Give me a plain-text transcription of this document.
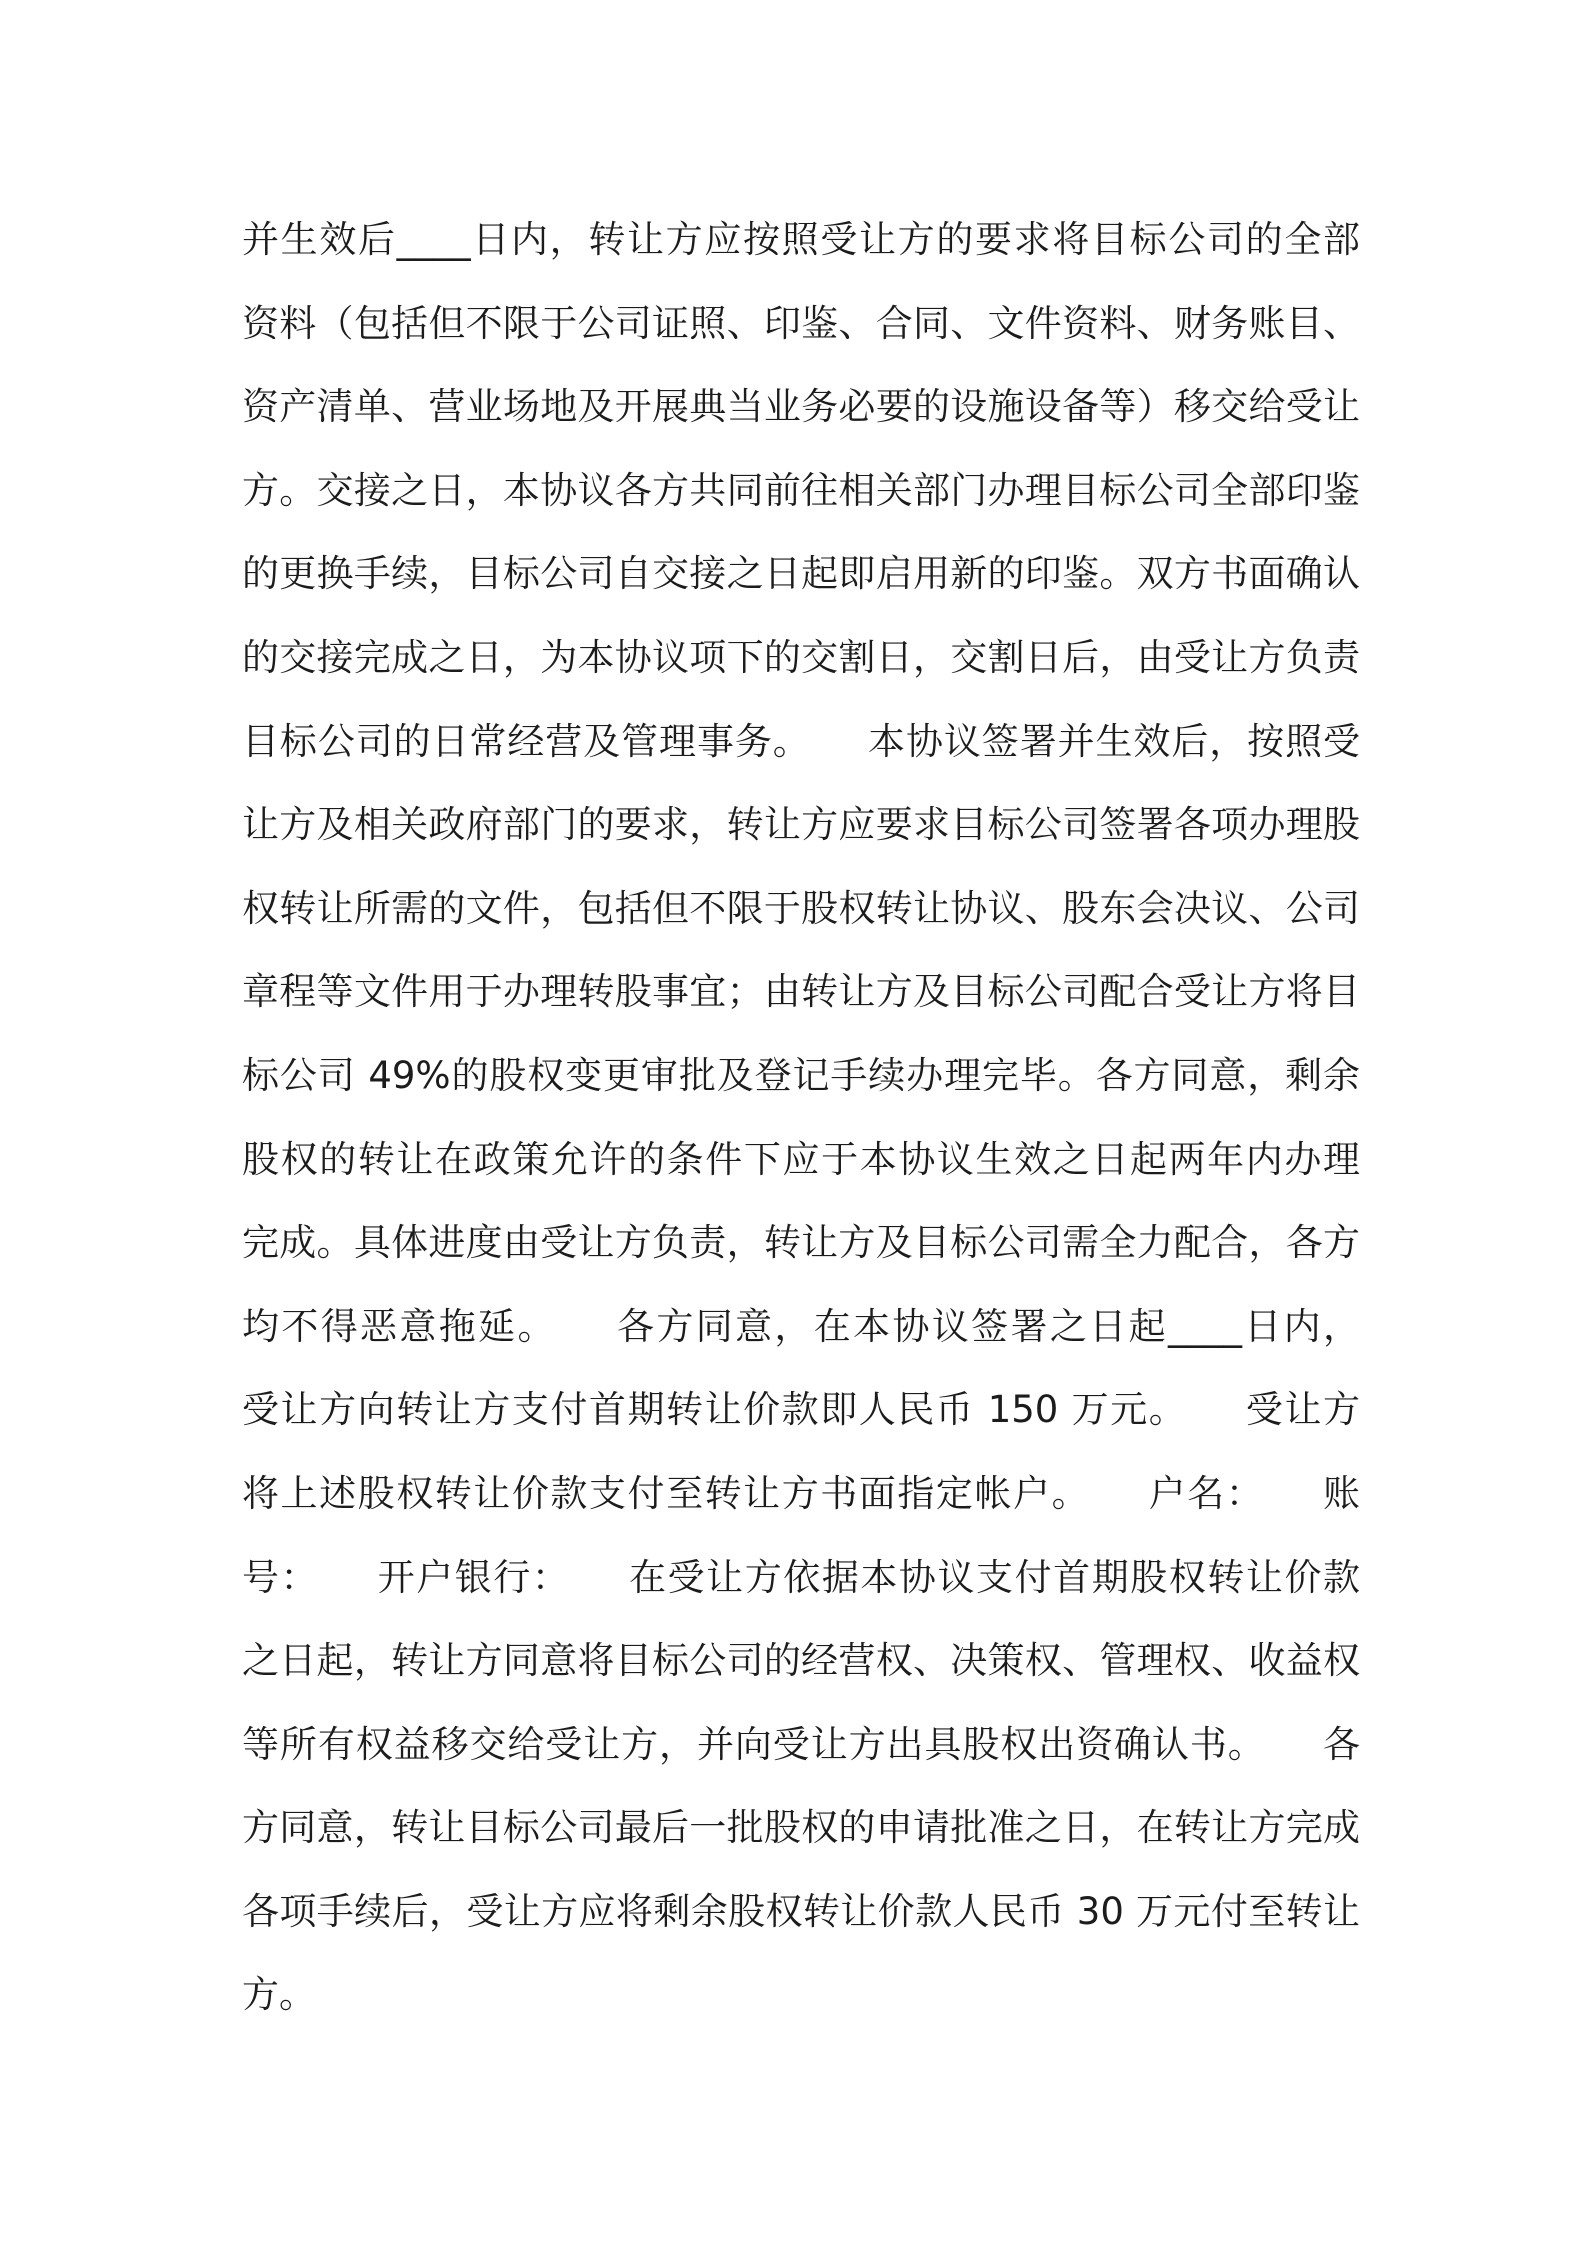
并生效后____日内，转让方应按照受让方的要求将目标公司的全部
资料（包括但不限于公司证照、印鉴、合同、文件资料、财务账目、
资产清单、营业场地及开展典当业务必要的设施设备等）移交给受让
方。交接之日，本协议各方共同前往相关部门办理目标公司全部印鉴
的更换手续，目标公司自交接之日起即启用新的印鉴。双方书面确认
的交接完成之日，为本协议项下的交割日，交割日后，由受让方负责
目标公司的日常经营及管理事务。　　本协议签署并生效后，按照受
让方及相关政府部门的要求，转让方应要求目标公司签署各项办理股
权转让所需的文件，包括但不限于股权转让协议、股东会决议、公司
章程等文件用于办理转股事宜；由转让方及目标公司配合受让方将目
标公司 49%的股权变更审批及登记手续办理完毕。各方同意，剩余
股权的转让在政策允许的条件下应于本协议生效之日起两年内办理
完成。具体进度由受让方负责，转让方及目标公司需全力配合，各方
均不得恶意拖延。　　各方同意，在本协议签署之日起____日内，
受让方向转让方支付首期转让价款即人民币 150 万元。　　受让方
将上述股权转让价款支付至转让方书面指定帐户。　　户名：　　账
号：　　开户银行：　　在受让方依据本协议支付首期股权转让价款
之日起，转让方同意将目标公司的经营权、决策权、管理权、收益权
等所有权益移交给受让方，并向受让方出具股权出资确认书。　　各
方同意，转让目标公司最后一批股权的申请批准之日，在转让方完成
各项手续后，受让方应将剩余股权转让价款人民币 30 万元付至转让
方。
